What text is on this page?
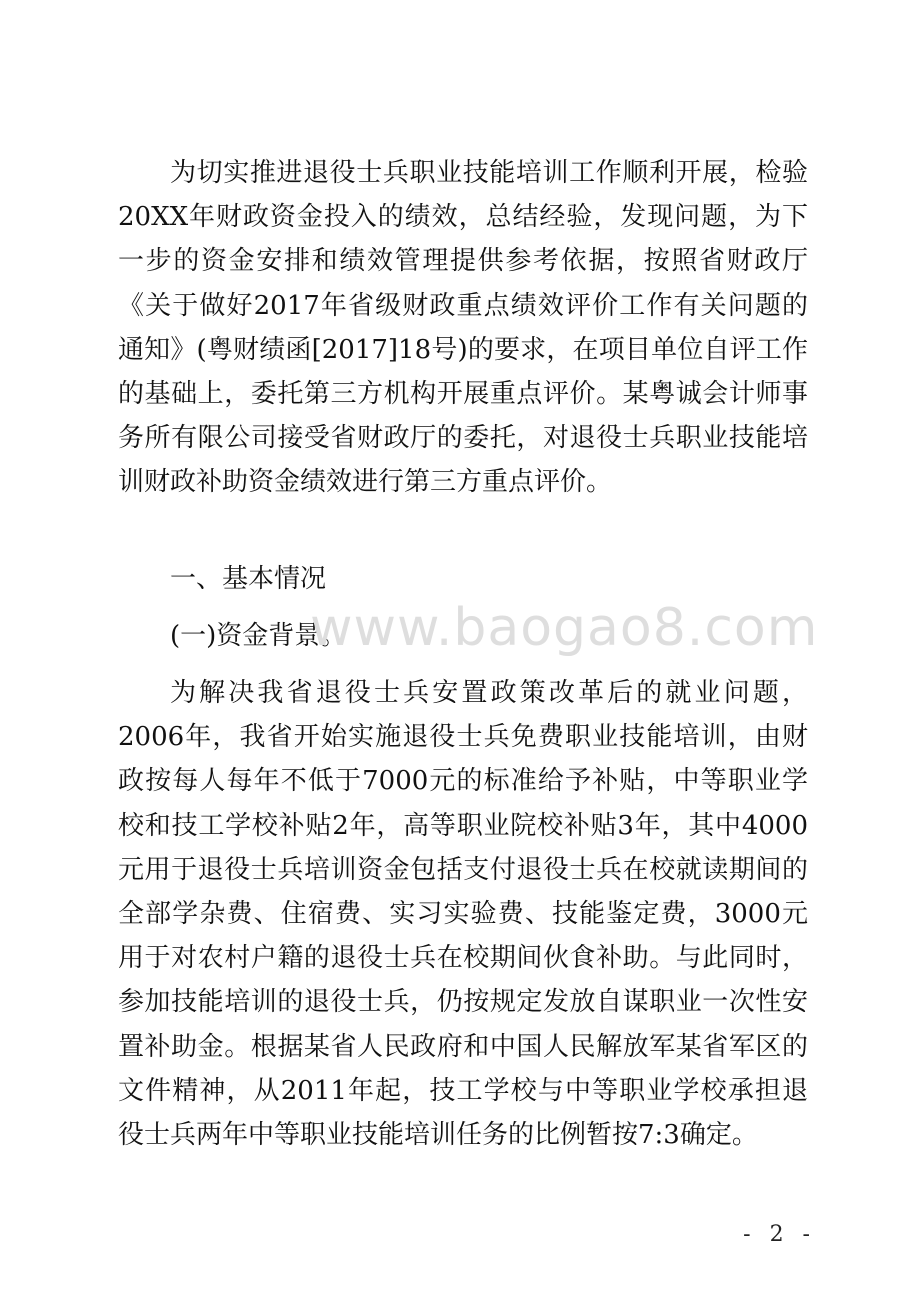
为切实推进退役士兵职业技能培训工作顺利开展，检验20XX年财政资金投入的绩效，总结经验，发现问题，为下一步的资金安排和绩效管理提供参考依据，按照省财政厅《关于做好2017年省级财政重点绩效评价工作有关问题的通知》(粤财绩函[2017]18号)的要求，在项目单位自评工作的基础上，委托第三方机构开展重点评价。某粤诚会计师事务所有限公司接受省财政厅的委托，对退役士兵职业技能培训财政补助资金绩效进行第三方重点评价。

一、基本情况

(一)资金背景。

www.baogao8.com

为解决我省退役士兵安置政策改革后的就业问题，2006年，我省开始实施退役士兵免费职业技能培训，由财政按每人每年不低于7000元的标准给予补贴，中等职业学校和技工学校补贴2年，高等职业院校补贴3年，其中4000元用于退役士兵培训资金包括支付退役士兵在校就读期间的全部学杂费、住宿费、实习实验费、技能鉴定费，3000元用于对农村户籍的退役士兵在校期间伙食补助。与此同时，参加技能培训的退役士兵，仍按规定发放自谋职业一次性安置补助金。根据某省人民政府和中国人民解放军某省军区的文件精神，从2011年起，技工学校与中等职业学校承担退役士兵两年中等职业技能培训任务的比例暂按7:3确定。

- 2 -
